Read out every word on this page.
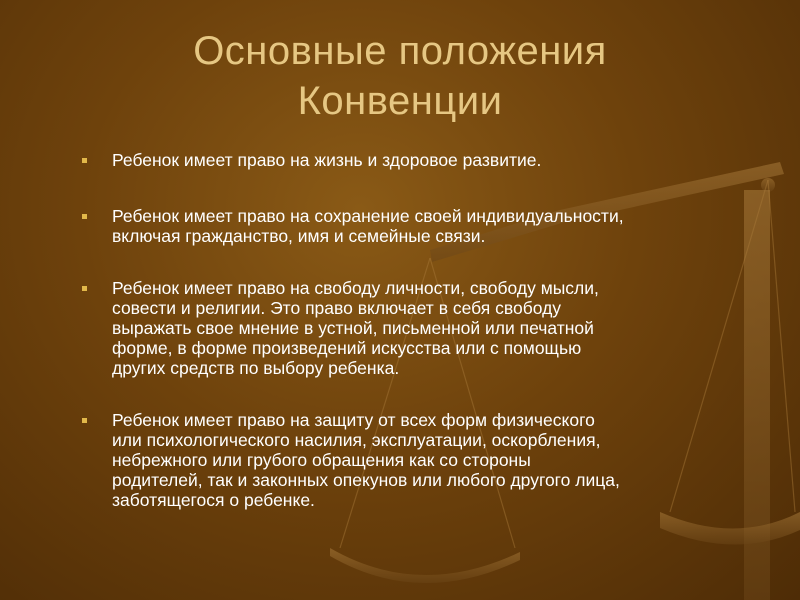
Основные положения
Конвенции
Ребенок имеет право на жизнь и здоровое развитие.
Ребенок имеет право на сохранение своей индивидуальности,
включая гражданство, имя и семейные связи.
Ребенок имеет право на свободу личности, свободу мысли,
совести и религии. Это право включает в себя свободу
выражать свое мнение в устной, письменной или печатной
форме, в форме произведений искусства или с помощью
других средств по выбору ребенка.
Ребенок имеет право на защиту от всех форм физического
или психологического насилия, эксплуатации, оскорбления,
небрежного или грубого обращения как со стороны
родителей, так и законных опекунов или любого другого лица,
заботящегося о ребенке.
